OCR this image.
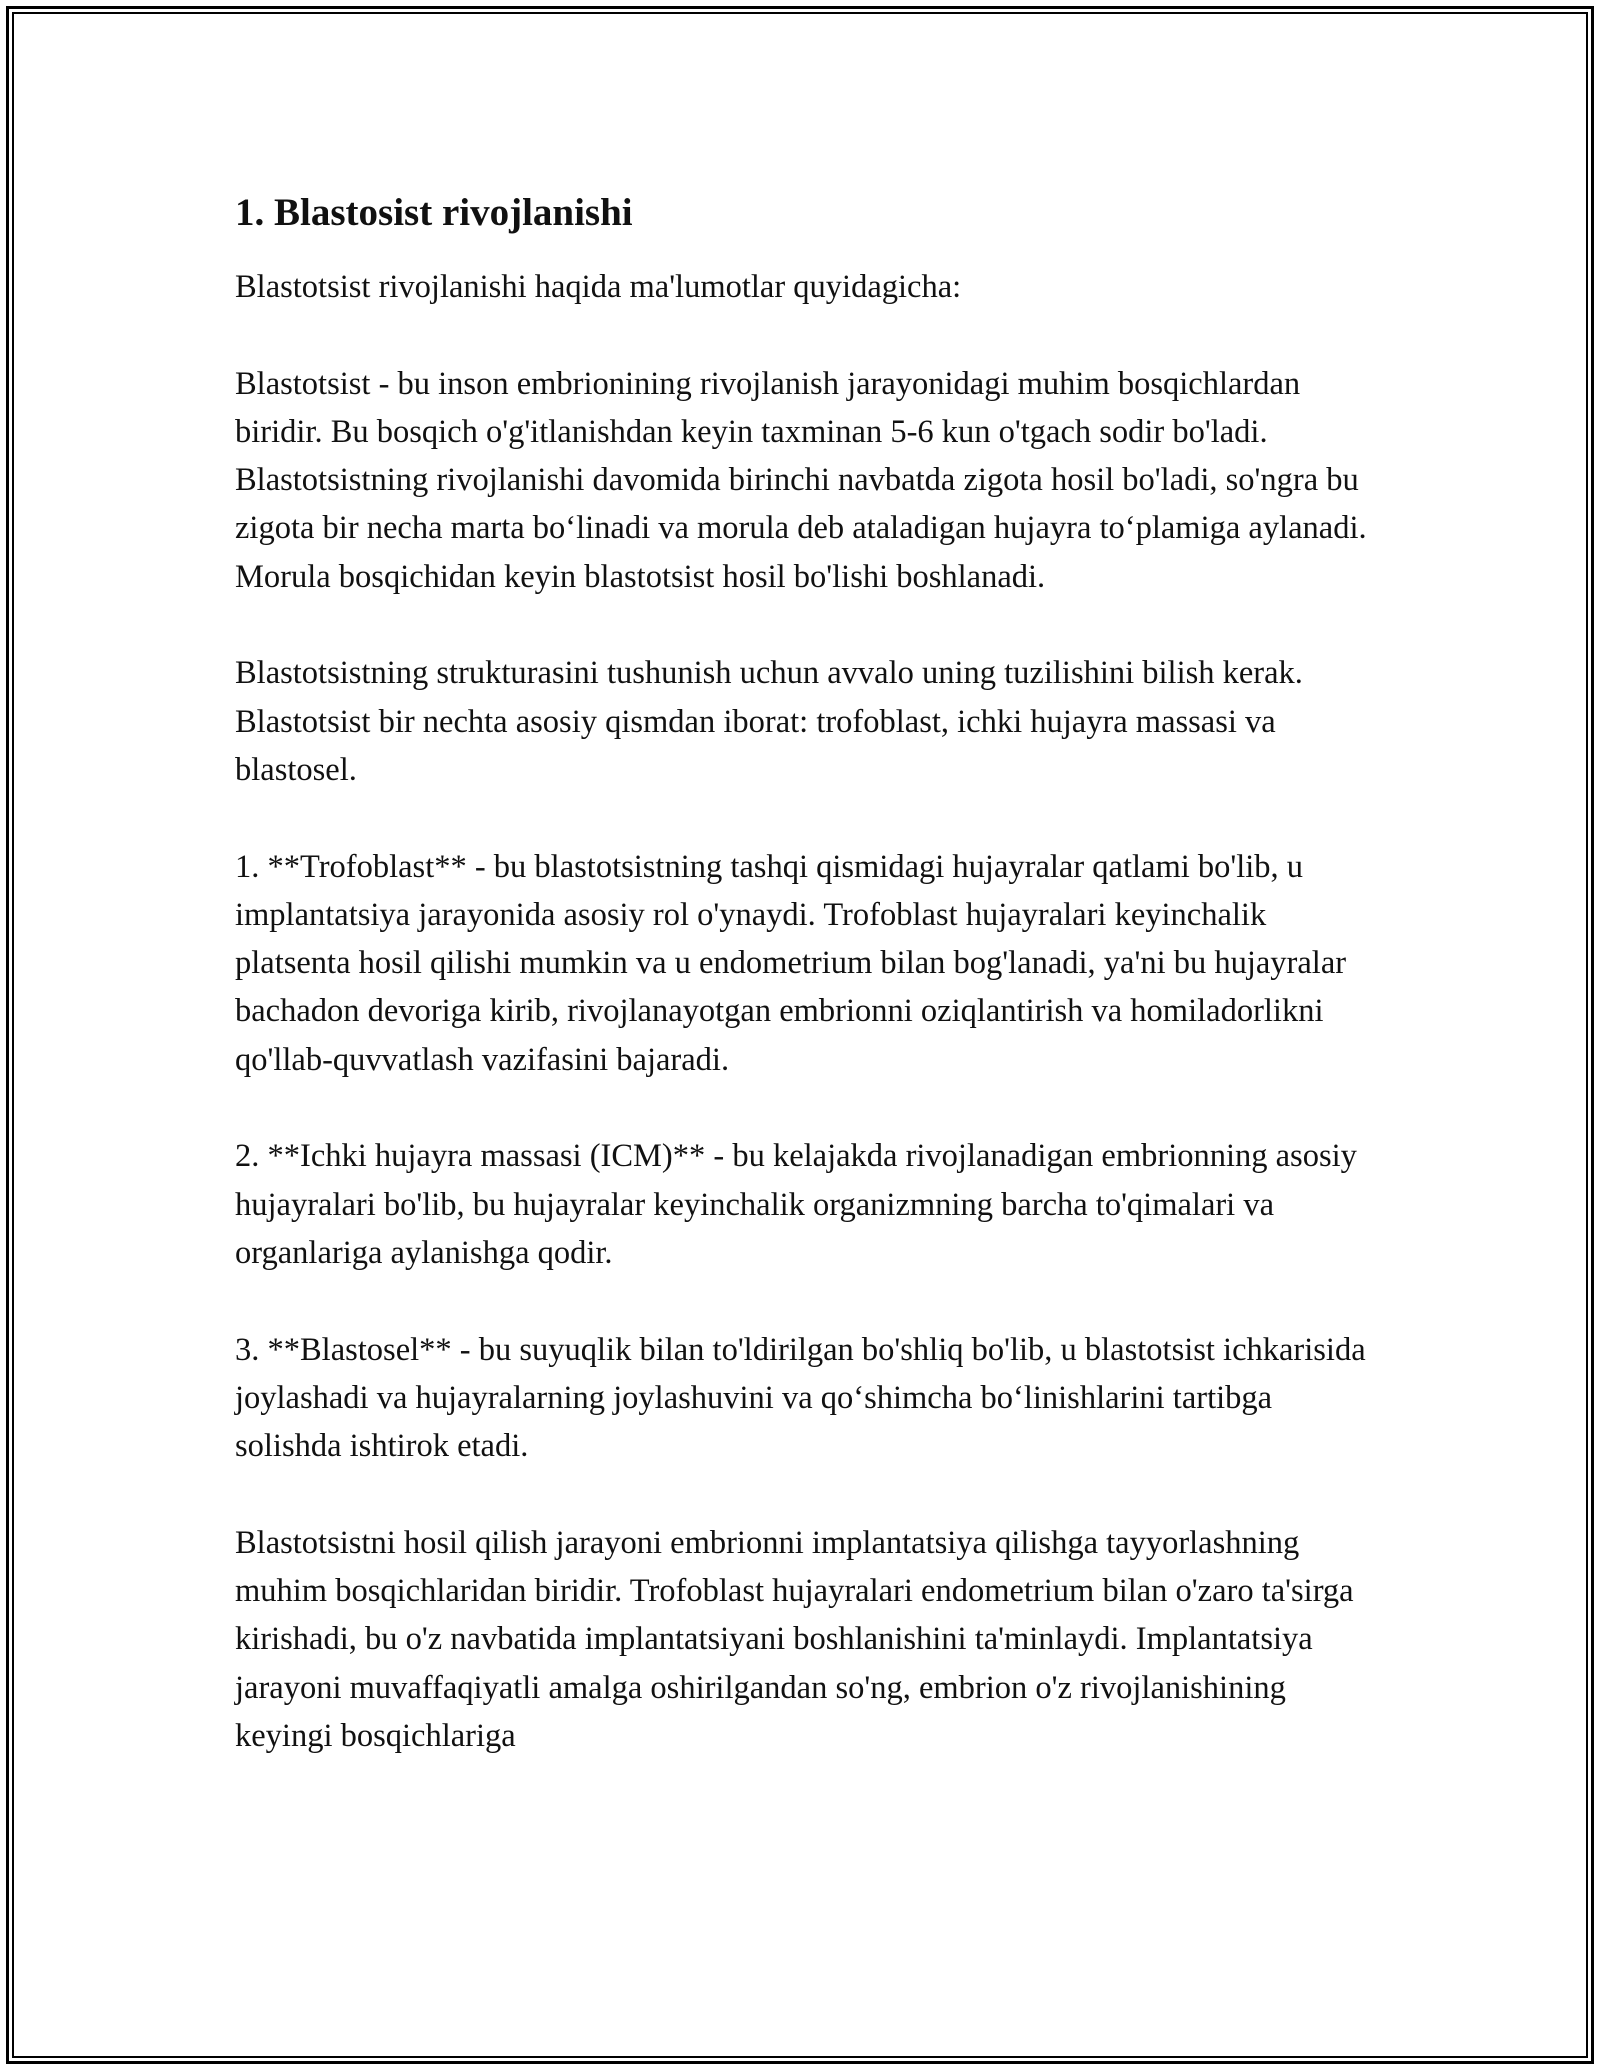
1. Blastosist rivojlanishi

Blastotsist rivojlanishi haqida ma'lumotlar quyidagicha:

Blastotsist - bu inson embrionining rivojlanish jarayonidagi muhim bosqichlardan biridir. Bu bosqich o'g'itlanishdan keyin taxminan 5-6 kun o'tgach sodir bo'ladi. Blastotsistning rivojlanishi davomida birinchi navbatda zigota hosil bo'ladi, so'ngra bu zigota bir necha marta bo‘linadi va morula deb ataladigan hujayra to‘plamiga aylanadi. Morula bosqichidan keyin blastotsist hosil bo'lishi boshlanadi.

Blastotsistning strukturasini tushunish uchun avvalo uning tuzilishini bilish kerak. Blastotsist bir nechta asosiy qismdan iborat: trofoblast, ichki hujayra massasi va blastosel.

1. **Trofoblast** - bu blastotsistning tashqi qismidagi hujayralar qatlami bo'lib, u implantatsiya jarayonida asosiy rol o'ynaydi. Trofoblast hujayralari keyinchalik platsenta hosil qilishi mumkin va u endometrium bilan bog'lanadi, ya'ni bu hujayralar bachadon devoriga kirib, rivojlanayotgan embrionni oziqlantirish va homiladorlikni qo'llab-quvvatlash vazifasini bajaradi.

2. **Ichki hujayra massasi (ICM)** - bu kelajakda rivojlanadigan embrionning asosiy hujayralari bo'lib, bu hujayralar keyinchalik organizmning barcha to'qimalari va organlariga aylanishga qodir.

3. **Blastosel** - bu suyuqlik bilan to'ldirilgan bo'shliq bo'lib, u blastotsist ichkarisida joylashadi va hujayralarning joylashuvini va qo‘shimcha bo‘linishlarini tartibga solishda ishtirok etadi.

Blastotsistni hosil qilish jarayoni embrionni implantatsiya qilishga tayyorlashning muhim bosqichlaridan biridir. Trofoblast hujayralari endometrium bilan o'zaro ta'sirga kirishadi, bu o'z navbatida implantatsiyani boshlanishini ta'minlaydi. Implantatsiya jarayoni muvaffaqiyatli amalga oshirilgandan so'ng, embrion o'z rivojlanishining keyingi bosqichlariga
